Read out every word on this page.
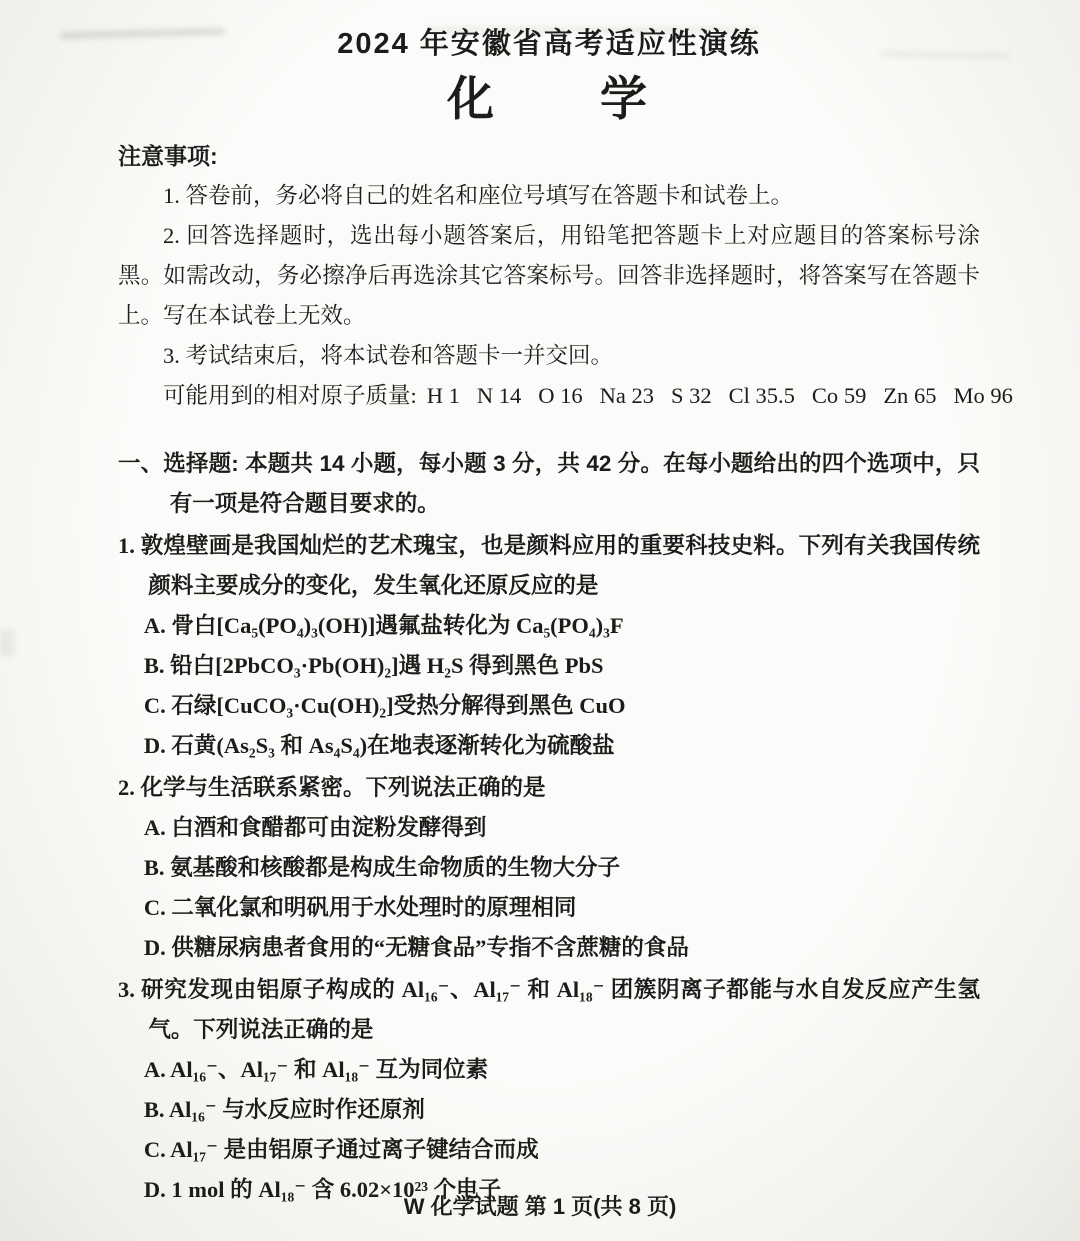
2024 年安徽省高考适应性演练

化　　学

注意事项:

1. 答卷前，务必将自己的姓名和座位号填写在答题卡和试卷上。

2. 回答选择题时，选出每小题答案后，用铅笔把答题卡上对应题目的答案标号涂黑。如需改动，务必擦净后再选涂其它答案标号。回答非选择题时，将答案写在答题卡上。写在本试卷上无效。

3. 考试结束后，将本试卷和答题卡一并交回。

可能用到的相对原子质量: H 1 N 14 O 16 Na 23 S 32 Cl 35.5 Co 59 Zn 65 Mo 96

一、选择题: 本题共 14 小题，每小题 3 分，共 42 分。在每小题给出的四个选项中，只有一项是符合题目要求的。

1. 敦煌壁画是我国灿烂的艺术瑰宝，也是颜料应用的重要科技史料。下列有关我国传统颜料主要成分的变化，发生氧化还原反应的是

A. 骨白[Ca₅(PO₄)₃(OH)]遇氟盐转化为 Ca₅(PO₄)₃F

B. 铅白[2PbCO₃·Pb(OH)₂]遇 H₂S 得到黑色 PbS

C. 石绿[CuCO₃·Cu(OH)₂]受热分解得到黑色 CuO

D. 石黄(As₂S₃ 和 As₄S₄)在地表逐渐转化为硫酸盐

2. 化学与生活联系紧密。下列说法正确的是

A. 白酒和食醋都可由淀粉发酵得到

B. 氨基酸和核酸都是构成生命物质的生物大分子

C. 二氧化氯和明矾用于水处理时的原理相同

D. 供糖尿病患者食用的“无糖食品”专指不含蔗糖的食品

3. 研究发现由铝原子构成的 Al₁₆⁻、Al₁₇⁻ 和 Al₁₈⁻ 团簇阴离子都能与水自发反应产生氢气。下列说法正确的是

A. Al₁₆⁻、Al₁₇⁻ 和 Al₁₈⁻ 互为同位素

B. Al₁₆⁻ 与水反应时作还原剂

C. Al₁₇⁻ 是由铝原子通过离子键结合而成

D. 1 mol 的 Al₁₈⁻ 含 6.02×10²³ 个电子

W 化学试题 第 1 页(共 8 页)
